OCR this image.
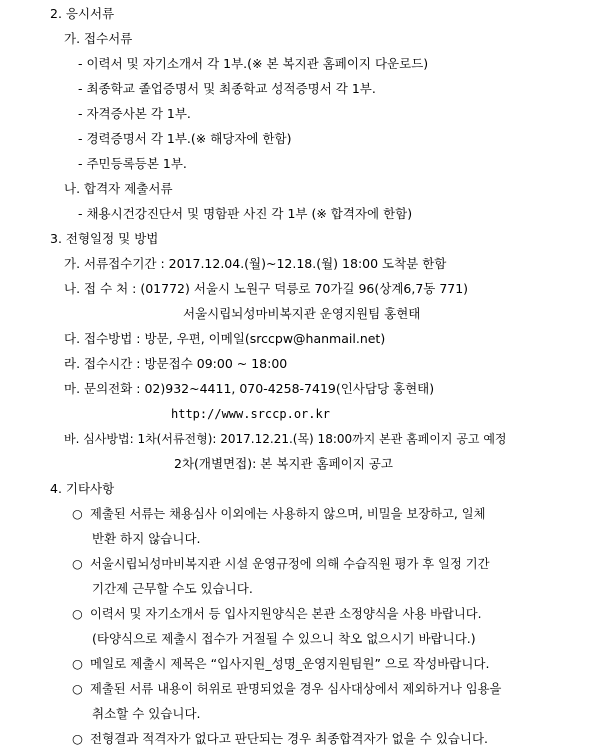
2. 응시서류
가. 접수서류
- 이력서 및 자기소개서 각 1부.(※ 본 복지관 홈페이지 다운로드)
- 최종학교 졸업증명서 및 최종학교 성적증명서 각 1부.
- 자격증사본 각 1부.
- 경력증명서 각 1부.(※ 해당자에 한함)
- 주민등록등본 1부.
나. 합격자 제출서류
- 채용시건강진단서 및 명함판 사진 각 1부 (※ 합격자에 한함)
3. 전형일정 및 방법
가. 서류접수기간 : 2017.12.04.(월)~12.18.(월) 18:00 도착분 한함
나. 접 수 처 : (01772) 서울시 노원구 덕릉로 70가길 96(상계6,7동 771)
서울시립뇌성마비복지관 운영지원팀 홍현태
다. 접수방법 : 방문, 우편, 이메일(srccpw@hanmail.net)
라. 접수시간 : 방문접수 09:00 ~ 18:00
마. 문의전화 : 02)932~4411, 070-4258-7419(인사담당 홍현태)
http://www.srccp.or.kr
바. 심사방법: 1차(서류전형): 2017.12.21.(목) 18:00까지 본관 홈페이지 공고 예정
2차(개별면접): 본 복지관 홈페이지 공고
4. 기타사항
○ 제출된 서류는 채용심사 이외에는 사용하지 않으며, 비밀을 보장하고, 일체
반환 하지 않습니다.
○ 서울시립뇌성마비복지관 시설 운영규정에 의해 수습직원 평가 후 일정 기간
기간제 근무할 수도 있습니다.
○ 이력서 및 자기소개서 등 입사지원양식은 본관 소정양식을 사용 바랍니다.
(타양식으로 제출시 접수가 거절될 수 있으니 착오 없으시기 바랍니다.)
○ 메일로 제출시 제목은 “입사지원_성명_운영지원팀원” 으로 작성바랍니다.
○ 제출된 서류 내용이 허위로 판명되었을 경우 심사대상에서 제외하거나 임용을
취소할 수 있습니다.
○ 전형결과 적격자가 없다고 판단되는 경우 최종합격자가 없을 수 있습니다.
